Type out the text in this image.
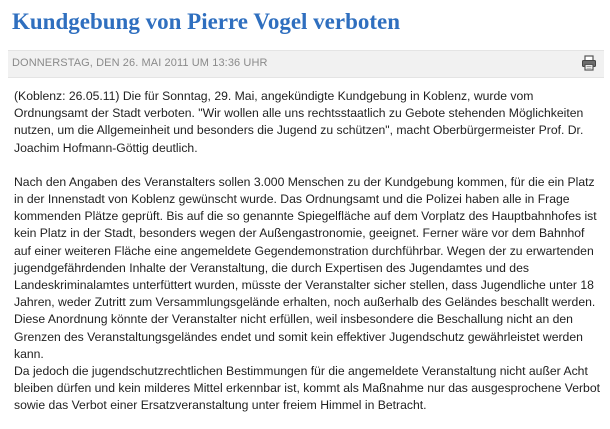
Kundgebung von Pierre Vogel verboten
DONNERSTAG, DEN 26. MAI 2011 UM 13:36 UHR

(Koblenz: 26.05.11) Die für Sonntag, 29. Mai, angekündigte Kundgebung in Koblenz, wurde vom Ordnungsamt der Stadt verboten. "Wir wollen alle uns rechtsstaatlich zu Gebote stehenden Möglichkeiten nutzen, um die Allgemeinheit und besonders die Jugend zu schützen", macht Oberbürgermeister Prof. Dr. Joachim Hofmann-Göttig deutlich.

Nach den Angaben des Veranstalters sollen 3.000 Menschen zu der Kundgebung kommen, für die ein Platz in der Innenstadt von Koblenz gewünscht wurde. Das Ordnungsamt und die Polizei haben alle in Frage kommenden Plätze geprüft. Bis auf die so genannte Spiegelfläche auf dem Vorplatz des Hauptbahnhofes ist kein Platz in der Stadt, besonders wegen der Außengastronomie, geeignet. Ferner wäre vor dem Bahnhof auf einer weiteren Fläche eine angemeldete Gegendemonstration durchführbar. Wegen der zu erwartenden jugendgefährdenden Inhalte der Veranstaltung, die durch Expertisen des Jugendamtes und des Landeskriminalamtes unterfüttert wurden, müsste der Veranstalter sicher stellen, dass Jugendliche unter 18 Jahren, weder Zutritt zum Versammlungsgelände erhalten, noch außerhalb des Geländes beschallt werden. Diese Anordnung könnte der Veranstalter nicht erfüllen, weil insbesondere die Beschallung nicht an den Grenzen des Veranstaltungsgeländes endet und somit kein effektiver Jugendschutz gewährleistet werden kann.

Da jedoch die jugendschutzrechtlichen Bestimmungen für die angemeldete Veranstaltung nicht außer Acht bleiben dürfen und kein milderes Mittel erkennbar ist, kommt als Maßnahme nur das ausgesprochene Verbot sowie das Verbot einer Ersatzveranstaltung unter freiem Himmel in Betracht.
